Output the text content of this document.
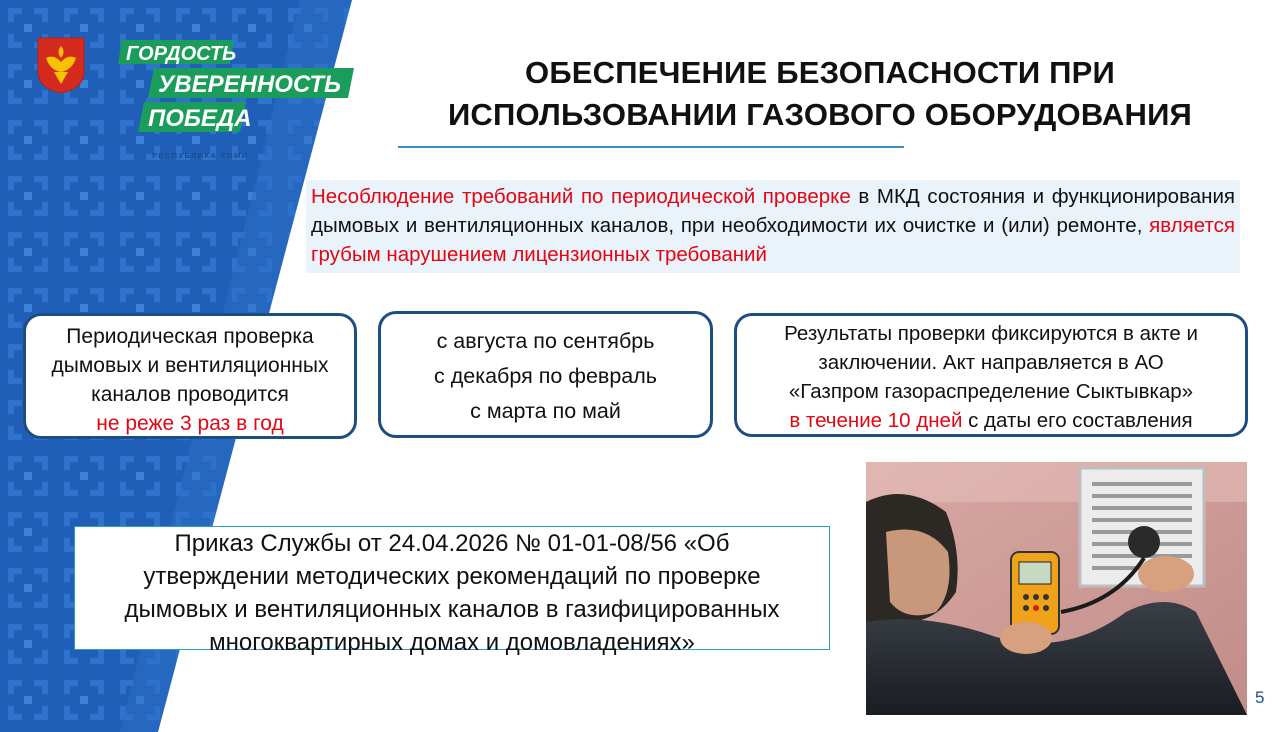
ГОРДОСТЬ
УВЕРЕННОСТЬ
ПОБЕДА
РЕСПУБЛИКА КОМИ
ОБЕСПЕЧЕНИЕ БЕЗОПАСНОСТИ ПРИ
ИСПОЛЬЗОВАНИИ ГАЗОВОГО ОБОРУДОВАНИЯ
Несоблюдение требований по периодической проверке в МКД состояния и функционирования дымовых и вентиляционных каналов, при необходимости их очистке и (или) ремонте, является грубым нарушением лицензионных требований
Периодическая проверка
дымовых и вентиляционных
каналов проводится
не реже 3 раз в год
с августа по сентябрь
с декабря по февраль
с марта по май
Результаты проверки фиксируются в акте и
заключении. Акт направляется в АО
«Газпром газораспределение Сыктывкар»
в течение 10 дней с даты его составления
Приказ Службы от 24.04.2026 № 01-01-08/56 «Об
утверждении методических рекомендаций по проверке
дымовых и вентиляционных каналов в газифицированных
многоквартирных домах и домовладениях»
5
